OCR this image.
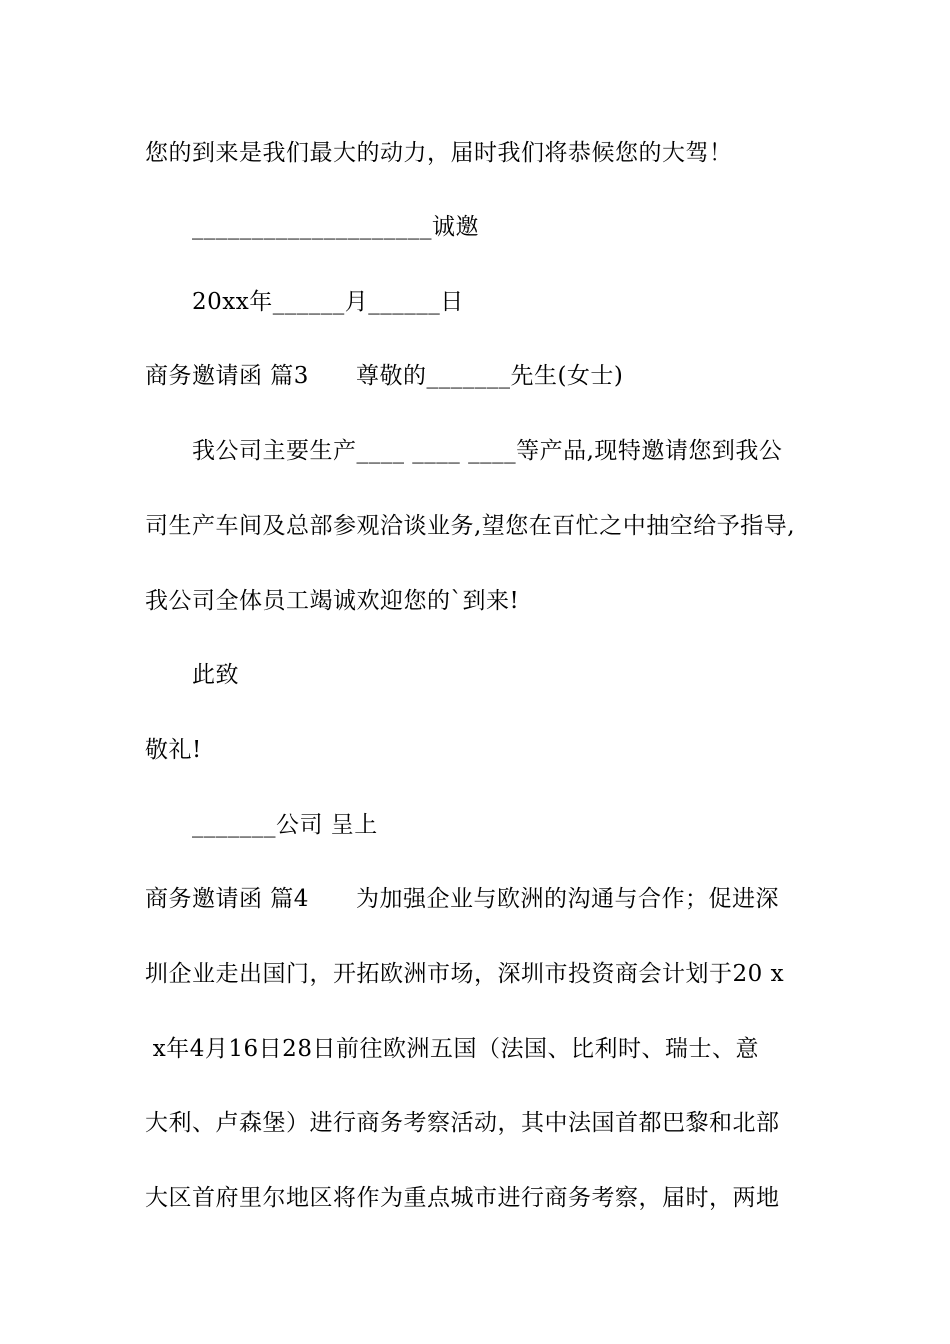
您的到来是我们最大的动力，届时我们将恭候您的大驾！
____________________诚邀
20xx年______月______日
商务邀请函 篇3　　尊敬的_______先生(女士)
我公司主要生产____ ____ ____等产品,现特邀请您到我公
司生产车间及总部参观洽谈业务,望您在百忙之中抽空给予指导,
我公司全体员工竭诚欢迎您的`到来!
此致
敬礼!
_______公司 呈上
商务邀请函 篇4　　为加强企业与欧洲的沟通与合作；促进深
圳企业走出国门，开拓欧洲市场，深圳市投资商会计划于20 x
x年4月16日28日前往欧洲五国（法国、比利时、瑞士、意
大利、卢森堡）进行商务考察活动，其中法国首都巴黎和北部
大区首府里尔地区将作为重点城市进行商务考察，届时，两地
